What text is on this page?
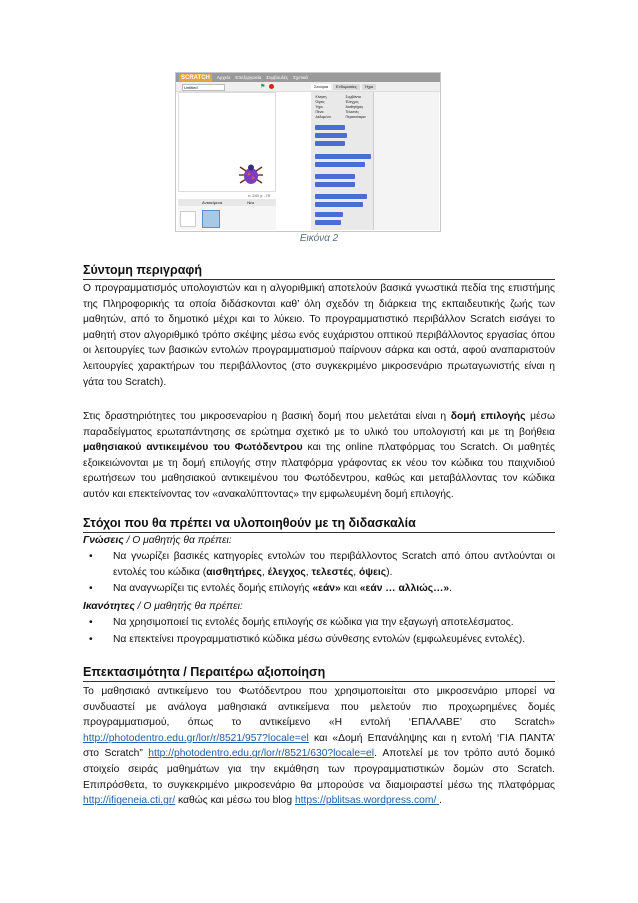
SCRATCH	Αρχείο Επεξεργασία Συμβουλές Σχετικά
Untitled	⚑	Σενάρια	Ενδυμασίες	Ήχοι
x: 240 y: -75
Αντικείμενα	Νέο
Κίνηση
Όψεις
Ήχοι
Πένα
Δεδομένα
Συμβάντα
Έλεγχος
Αισθητήρες
Τελεστές
Περισσότερα
Εικόνα 2
Σύντομη περιγραφή

Ο προγραμματισμός υπολογιστών και η αλγοριθμική αποτελούν βασικά γνωστικά πεδία της επιστήμης της Πληροφορικής τα οποία διδάσκονται καθ’ όλη σχεδόν τη διάρκεια της εκπαιδευτικής ζωής των μαθητών, από το δημοτικό μέχρι και το λύκειο. Το προγραμματιστικό περιβάλλον Scratch εισάγει το μαθητή στον αλγοριθμικό τρόπο σκέψης μέσω ενός ευχάριστου οπτικού περιβάλλοντος εργασίας όπου οι λειτουργίες των βασικών εντολών προγραμματισμού παίρνουν σάρκα και οστά, αφού αναπαριστούν λειτουργίες χαρακτήρων του περιβάλλοντος (στο συγκεκριμένο μικροσενάριο πρωταγωνιστής είναι η γάτα του Scratch).

Στις δραστηριότητες του μικροσεναρίου η βασική δομή που μελετάται είναι η δομή επιλογής μέσω παραδείγματος ερωταπάντησης σε ερώτημα σχετικό με το υλικό του υπολογιστή και με τη βοήθεια μαθησιακού αντικειμένου του Φωτόδεντρου και της online πλατφόρμας του Scratch. Οι μαθητές εξοικειώνονται με τη δομή επιλογής στην πλατφόρμα γράφοντας εκ νέου τον κώδικα του παιχνιδιού ερωτήσεων του μαθησιακού αντικειμένου του Φωτόδεντρου, καθώς και μεταβάλλοντας τον κώδικα αυτόν και επεκτείνοντας τον «ανακαλύπτοντας» την εμφωλευμένη δομή επιλογής.

Στόχοι που θα πρέπει να υλοποιηθούν με τη διδασκαλία
Γνώσεις / Ο μαθητής θα πρέπει:
• Να γνωρίζει βασικές κατηγορίες εντολών του περιβάλλοντος Scratch από όπου αντλούνται οι εντολές του κώδικα (αισθητήρες, έλεγχος, τελεστές, όψεις).
• Να αναγνωρίζει τις εντολές δομής επιλογής «εάν» και «εάν … αλλιώς…».
Ικανότητες / Ο μαθητής θα πρέπει:
• Να χρησιμοποιεί τις εντολές δομής επιλογής σε κώδικα για την εξαγωγή αποτελέσματος.
• Να επεκτείνει προγραμματιστικό κώδικα μέσω σύνθεσης εντολών (εμφωλευμένες εντολές).
Επεκτασιμότητα / Περαιτέρω αξιοποίηση

Το μαθησιακό αντικείμενο του Φωτόδεντρου που χρησιμοποιείται στο μικροσενάριο μπορεί να συνδυαστεί με ανάλογα μαθησιακά αντικείμενα που μελετούν πιο προχωρημένες δομές προγραμματισμού, όπως το αντικείμενο «Η εντολή ‘ΕΠΑΛΑΒΕ’ στο Scratch» http://photodentro.edu.gr/lor/r/8521/957?locale=el και «Δομή Επανάληψης και η εντολή ‘ΓΙΑ ΠΑΝΤΑ’ στο Scratch” http://photodentro.edu.gr/lor/r/8521/630?locale=el. Αποτελεί με τον τρόπο αυτό δομικό στοιχείο σειράς μαθημάτων για την εκμάθηση των προγραμματιστικών δομών στο Scratch. Επιπρόσθετα, το συγκεκριμένο μικροσενάριο θα μπορούσε να διαμοιραστεί μέσω της πλατφόρμας http://ifigeneia.cti.gr/ καθώς και μέσω του blog https://pblitsas.wordpress.com/ .
